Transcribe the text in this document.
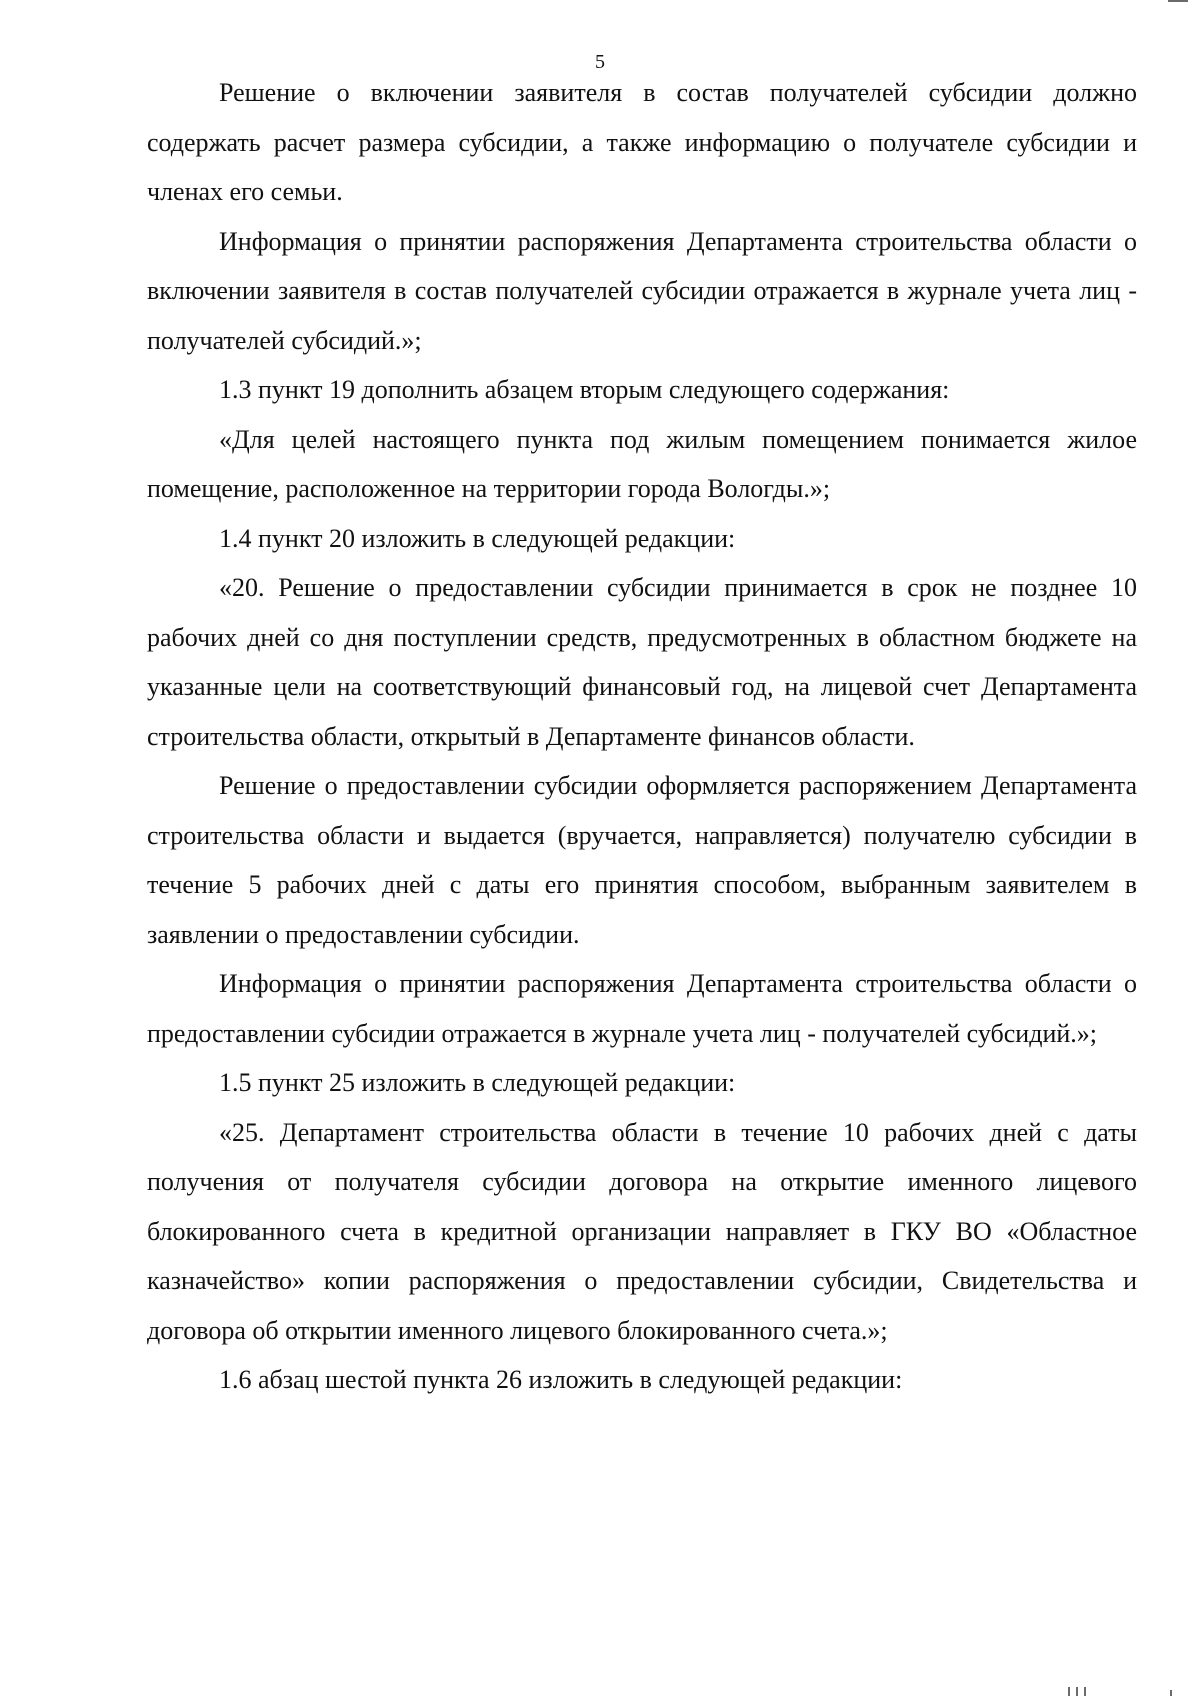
5

Решение о включении заявителя в состав получателей субсидии должно содержать расчет размера субсидии, а также информацию о получателе субсидии и членах его семьи.

Информация о принятии распоряжения Департамента строительства области о включении заявителя в состав получателей субсидии отражается в журнале учета лиц - получателей субсидий.»;

1.3 пункт 19 дополнить абзацем вторым следующего содержания:

«Для целей настоящего пункта под жилым помещением понимается жилое помещение, расположенное на территории города Вологды.»;

1.4 пункт 20 изложить в следующей редакции:

«20. Решение о предоставлении субсидии принимается в срок не позднее 10 рабочих дней со дня поступлении средств, предусмотренных в областном бюджете на указанные цели на соответствующий финансовый год, на лицевой счет Департамента строительства области, открытый в Департаменте финансов области.

Решение о предоставлении субсидии оформляется распоряжением Департамента строительства области и выдается (вручается, направляется) получателю субсидии в течение 5 рабочих дней с даты его принятия способом, выбранным заявителем в заявлении о предоставлении субсидии.

Информация о принятии распоряжения Департамента строительства области о предоставлении субсидии отражается в журнале учета лиц - получателей субсидий.»;

1.5 пункт 25 изложить в следующей редакции:

«25. Департамент строительства области в течение 10 рабочих дней с даты получения от получателя субсидии договора на открытие именного лицевого блокированного счета в кредитной организации направляет в ГКУ ВО «Областное казначейство» копии распоряжения о предоставлении субсидии, Свидетельства и договора об открытии именного лицевого блокированного счета.»;

1.6 абзац шестой пункта 26 изложить в следующей редакции:
